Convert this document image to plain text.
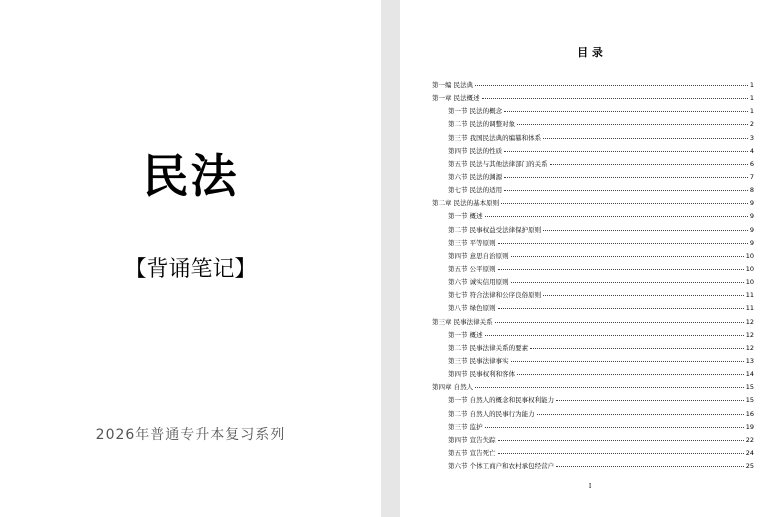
民法
【背诵笔记】
2026年普通专升本复习系列
目 录
第一编 民法典	1
第一章 民法概述	1
第一节 民法的概念	1
第二节 民法的调整对象	2
第三节 我国民法典的编纂和体系	3
第四节 民法的性质	4
第五节 民法与其他法律部门的关系	6
第六节 民法的渊源	7
第七节 民法的适用	8
第二章 民法的基本原则	9
第一节 概述	9
第二节 民事权益受法律保护原则	9
第三节 平等原则	9
第四节 意思自治原则	10
第五节 公平原则	10
第六节 诚实信用原则	10
第七节 符合法律和公序良俗原则	11
第八节 绿色原则	11
第三章 民事法律关系	12
第一节 概述	12
第二节 民事法律关系的要素	12
第三节 民事法律事实	13
第四节 民事权利和客体	14
第四章 自然人	15
第一节 自然人的概念和民事权利能力	15
第二节 自然人的民事行为能力	16
第三节 监护	19
第四节 宣告失踪	22
第五节 宣告死亡	24
第六节 个体工商户和农村承包经营户	25
I
